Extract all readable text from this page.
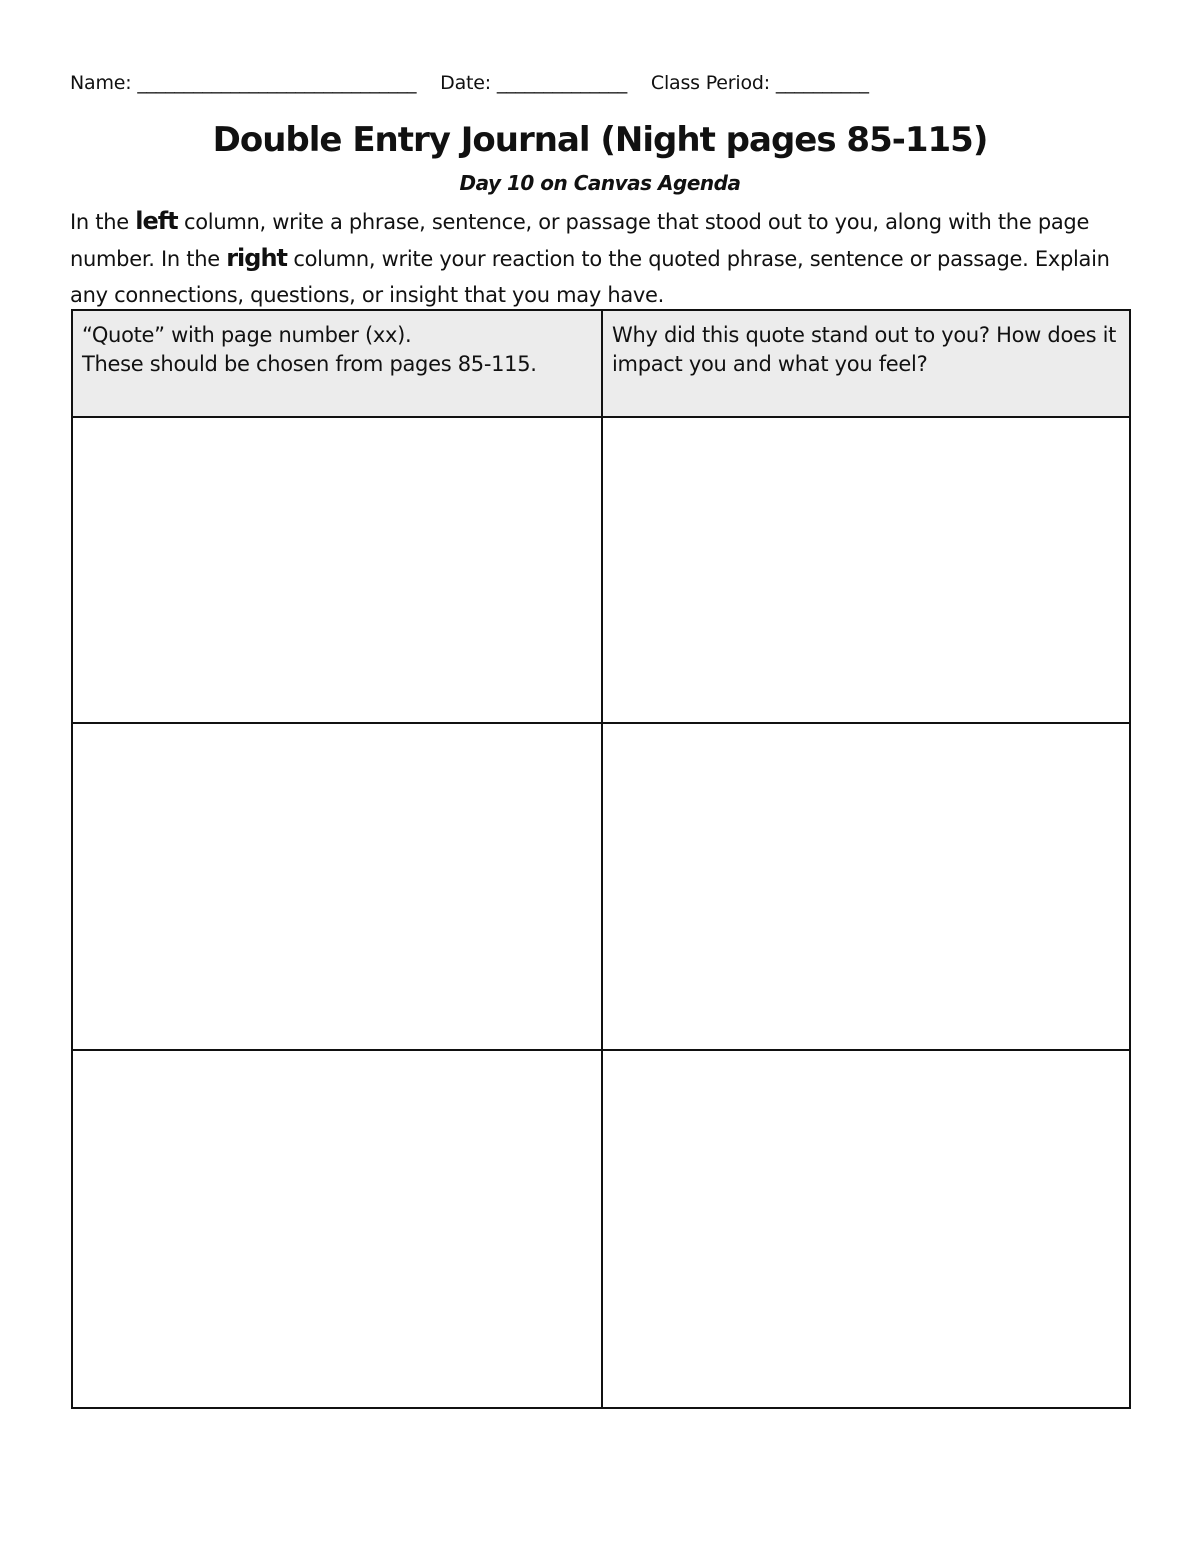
Name: ______________________________ Date: ______________ Class Period: __________
Double Entry Journal (Night pages 85-115)
Day 10 on Canvas Agenda
In the left column, write a phrase, sentence, or passage that stood out to you, along with the page number. In the right column, write your reaction to the quoted phrase, sentence or passage. Explain any connections, questions, or insight that you may have.
“Quote” with page number (xx).
These should be chosen from pages 85-115.	Why did this quote stand out to you? How does it impact you and what you feel?
